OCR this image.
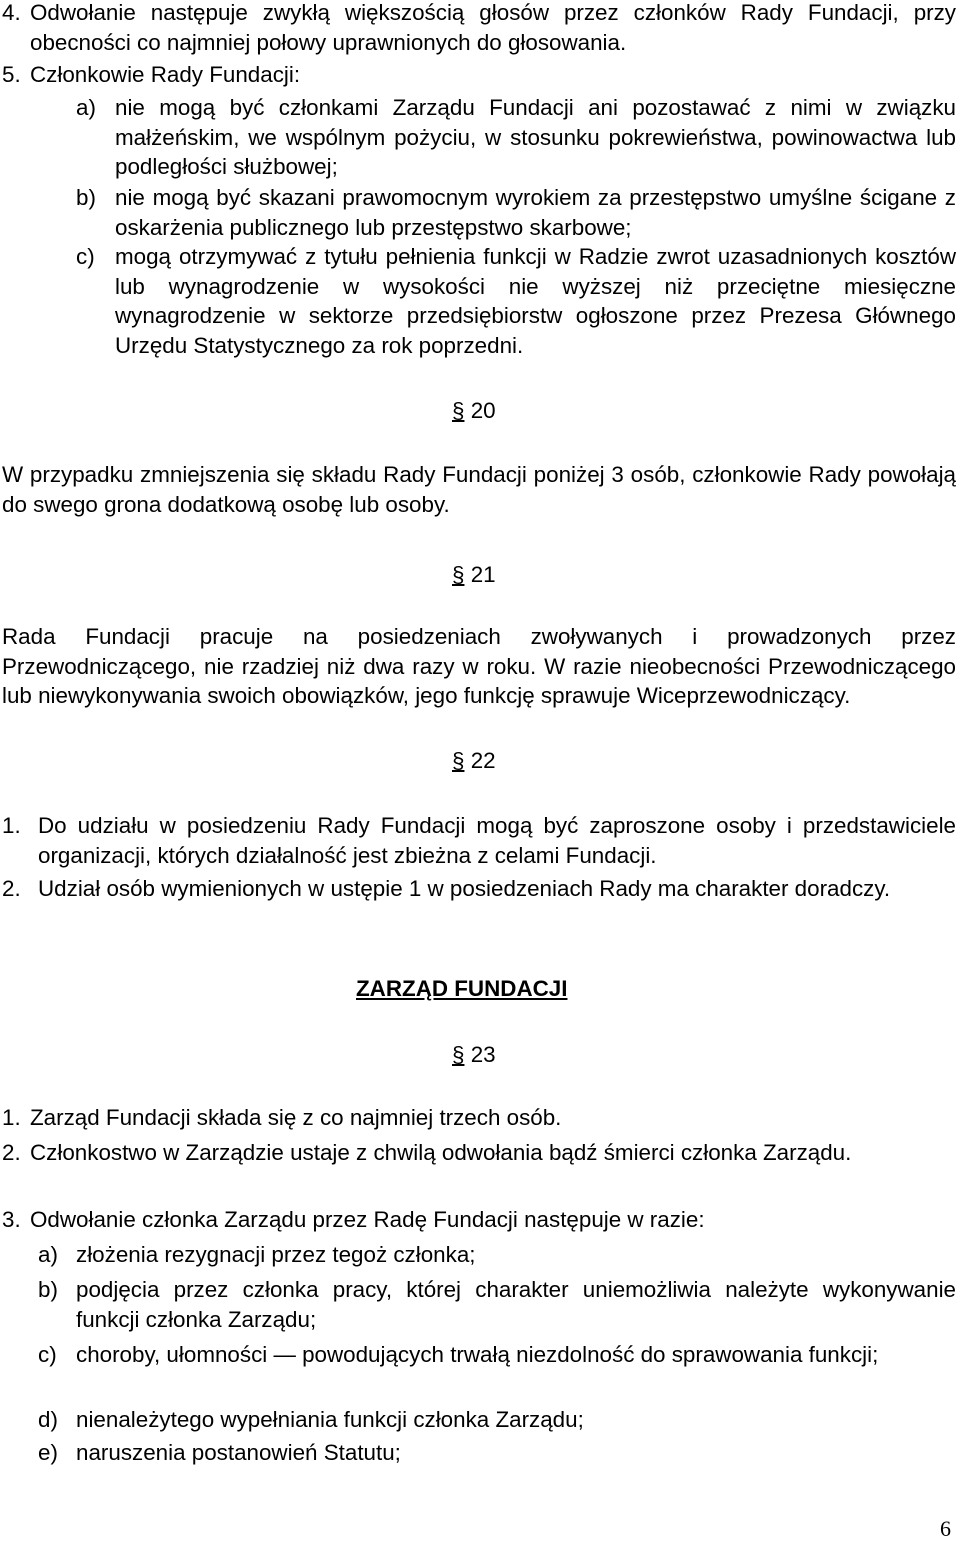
4. Odwołanie następuje zwykłą większością głosów przez członków Rady Fundacji, przy obecności co najmniej połowy uprawnionych do głosowania.
5. Członkowie Rady Fundacji:
a) nie mogą być członkami Zarządu Fundacji ani pozostawać z nimi w związku małżeńskim, we wspólnym pożyciu, w stosunku pokrewieństwa, powinowactwa lub podległości służbowej;
b) nie mogą być skazani prawomocnym wyrokiem za przestępstwo umyślne ścigane z oskarżenia publicznego lub przestępstwo skarbowe;
c) mogą otrzymywać z tytułu pełnienia funkcji w Radzie zwrot uzasadnionych kosztów lub wynagrodzenie w wysokości nie wyższej niż przeciętne miesięczne wynagrodzenie w sektorze przedsiębiorstw ogłoszone przez Prezesa Głównego Urzędu Statystycznego za rok poprzedni.
§ 20
W przypadku zmniejszenia się składu Rady Fundacji poniżej 3 osób, członkowie Rady powołają do swego grona dodatkową osobę lub osoby.
§ 21
Rada Fundacji pracuje na posiedzeniach zwoływanych i prowadzonych przez Przewodniczącego, nie rzadziej niż dwa razy w roku. W razie nieobecności Przewodniczącego lub niewykonywania swoich obowiązków, jego funkcję sprawuje Wiceprzewodniczący.
§ 22
1. Do udziału w posiedzeniu Rady Fundacji mogą być zaproszone osoby i przedstawiciele organizacji, których działalność jest zbieżna z celami Fundacji.
2. Udział osób wymienionych w ustępie 1 w posiedzeniach Rady ma charakter doradczy.
ZARZĄD FUNDACJI
§ 23
1. Zarząd Fundacji składa się z co najmniej trzech osób.
2. Członkostwo w Zarządzie ustaje z chwilą odwołania bądź śmierci członka Zarządu.
3. Odwołanie członka Zarządu przez Radę Fundacji następuje w razie:
a) złożenia rezygnacji przez tegoż członka;
b) podjęcia przez członka pracy, której charakter uniemożliwia należyte wykonywanie funkcji członka Zarządu;
c) choroby, ułomności — powodujących trwałą niezdolność do sprawowania funkcji;
d) nienależytego wypełniania funkcji członka Zarządu;
e) naruszenia postanowień Statutu;
6
